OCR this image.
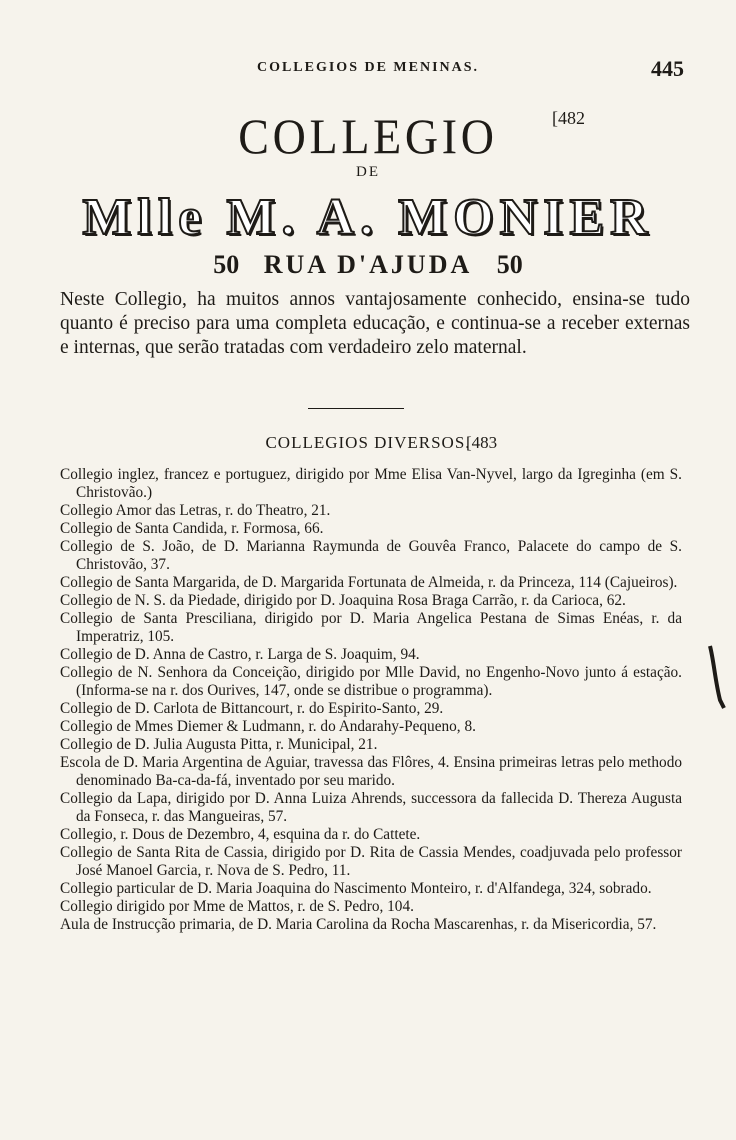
COLLEGIOS DE MENINAS.	445
COLLEGIO	[482
DE
Mlle M. A. MONIER
50 RUA D'AJUDA 50
Neste Collegio, ha muitos annos vantajosamente conhecido, ensina-se tudo quanto é preciso para uma completa educação, e continua-se a receber externas e internas, que serão tratadas com verdadeiro zelo maternal.
COLLEGIOS DIVERSOS.
[483
Collegio inglez, francez e portuguez, dirigido por Mme Elisa Van-Nyvel, largo da Igreginha (em S. Christovão.)
Collegio Amor das Letras, r. do Theatro, 21.
Collegio de Santa Candida, r. Formosa, 66.
Collegio de S. João, de D. Marianna Raymunda de Gouvêa Franco, Palacete do campo de S. Christovão, 37.
Collegio de Santa Margarida, de D. Margarida Fortunata de Almeida, r. da Princeza, 114 (Cajueiros).
Collegio de N. S. da Piedade, dirigido por D. Joaquina Rosa Braga Carrão, r. da Carioca, 62.
Collegio de Santa Presciliana, dirigido por D. Maria Angelica Pestana de Simas Enéas, r. da Imperatriz, 105.
Collegio de D. Anna de Castro, r. Larga de S. Joaquim, 94.
Collegio de N. Senhora da Conceição, dirigido por Mlle David, no Engenho-Novo junto á estação. (Informa-se na r. dos Ourives, 147, onde se distribue o programma).
Collegio de D. Carlota de Bittancourt, r. do Espirito-Santo, 29.
Collegio de Mmes Diemer & Ludmann, r. do Andarahy-Pequeno, 8.
Collegio de D. Julia Augusta Pitta, r. Municipal, 21.
Escola de D. Maria Argentina de Aguiar, travessa das Flôres, 4. Ensina primeiras letras pelo methodo denominado Ba-ca-da-fá, inventado por seu marido.
Collegio da Lapa, dirigido por D. Anna Luiza Ahrends, successora da fallecida D. Thereza Augusta da Fonseca, r. das Mangueiras, 57.
Collegio, r. Dous de Dezembro, 4, esquina da r. do Cattete.
Collegio de Santa Rita de Cassia, dirigido por D. Rita de Cassia Mendes, coadjuvada pelo professor José Manoel Garcia, r. Nova de S. Pedro, 11.
Collegio particular de D. Maria Joaquina do Nascimento Monteiro, r. d'Alfandega, 324, sobrado.
Collegio dirigido por Mme de Mattos, r. de S. Pedro, 104.
Aula de Instrucção primaria, de D. Maria Carolina da Rocha Mascarenhas, r. da Misericordia, 57.
